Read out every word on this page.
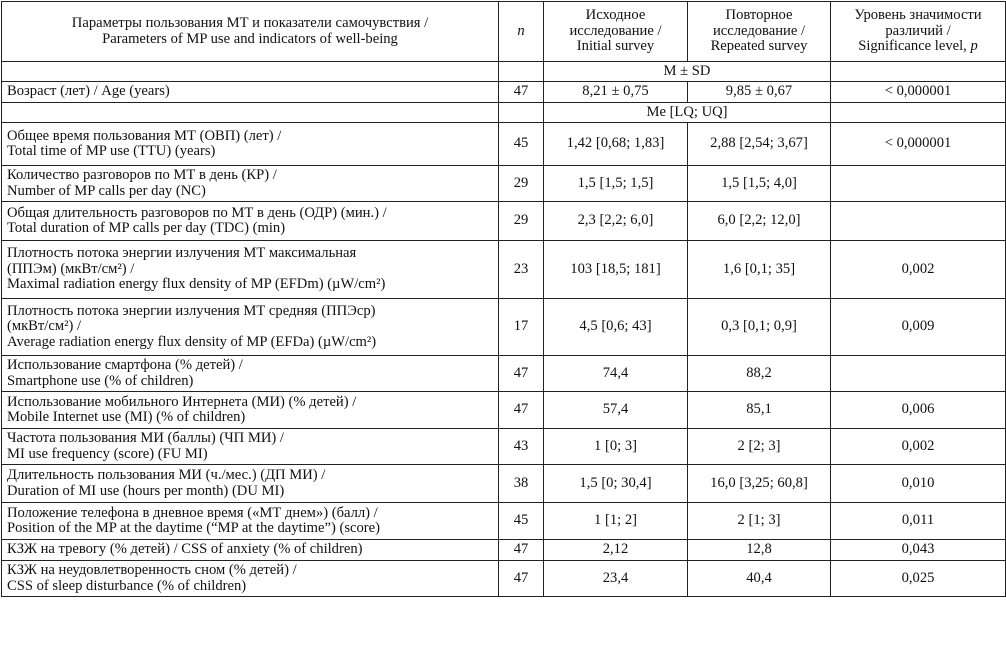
Параметры пользования МТ и показатели самочувствия /
Parameters of MP use and indicators of well-being	n	Исходное
исследование /
Initial survey	Повторное
исследование /
Repeated survey	Уровень значимости
различий /
Significance level, p

		M ± SD		

Возраст (лет) / Age (years)	47	8,21 ± 0,75	9,85 ± 0,67	< 0,000001
		Me [LQ; UQ]		

Общее время пользования МТ (ОВП) (лет) /
Total time of MP use (TTU) (years)	45	1,42 [0,68; 1,83]	2,88 [2,54; 3,67]	< 0,000001

Количество разговоров по МТ в день (КР) /
Number of MP calls per day (NC)	29	1,5 [1,5; 1,5]	1,5 [1,5; 4,0]	

Общая длительность разговоров по МТ в день (ОДР) (мин.) /
Total duration of MP calls per day (TDC) (min)	29	2,3 [2,2; 6,0]	6,0 [2,2; 12,0]	

Плотность потока энергии излучения МТ максимальная
(ППЭм) (мкВт/см²) /
Maximal radiation energy flux density of MP (EFDm) (µW/cm²)	23	103 [18,5; 181]	1,6 [0,1; 35]	0,002

Плотность потока энергии излучения МТ средняя (ППЭср)
(мкВт/см²) /
Average radiation energy flux density of MP (EFDa) (µW/cm²)	17	4,5 [0,6; 43]	0,3 [0,1; 0,9]	0,009

Использование смартфона (% детей) /
Smartphone use (% of children)	47	74,4	88,2	

Использование мобильного Интернета (МИ) (% детей) /
Mobile Internet use (MI) (% of children)	47	57,4	85,1	0,006

Частота пользования МИ (баллы) (ЧП МИ) /
MI use frequency (score) (FU MI)	43	1 [0; 3]	2 [2; 3]	0,002

Длительность пользования МИ (ч./мес.) (ДП МИ) /
Duration of MI use (hours per month) (DU MI)	38	1,5 [0; 30,4]	16,0 [3,25; 60,8]	0,010

Положение телефона в дневное время («МТ днем») (балл) /
Position of the MP at the daytime (“MP at the daytime”) (score)	45	1 [1; 2]	2 [1; 3]	0,011

КЗЖ на тревогу (% детей) / CSS of anxiety (% of children)	47	2,12	12,8	0,043

КЗЖ на неудовлетворенность сном (% детей) /
CSS of sleep disturbance (% of children)	47	23,4	40,4	0,025
